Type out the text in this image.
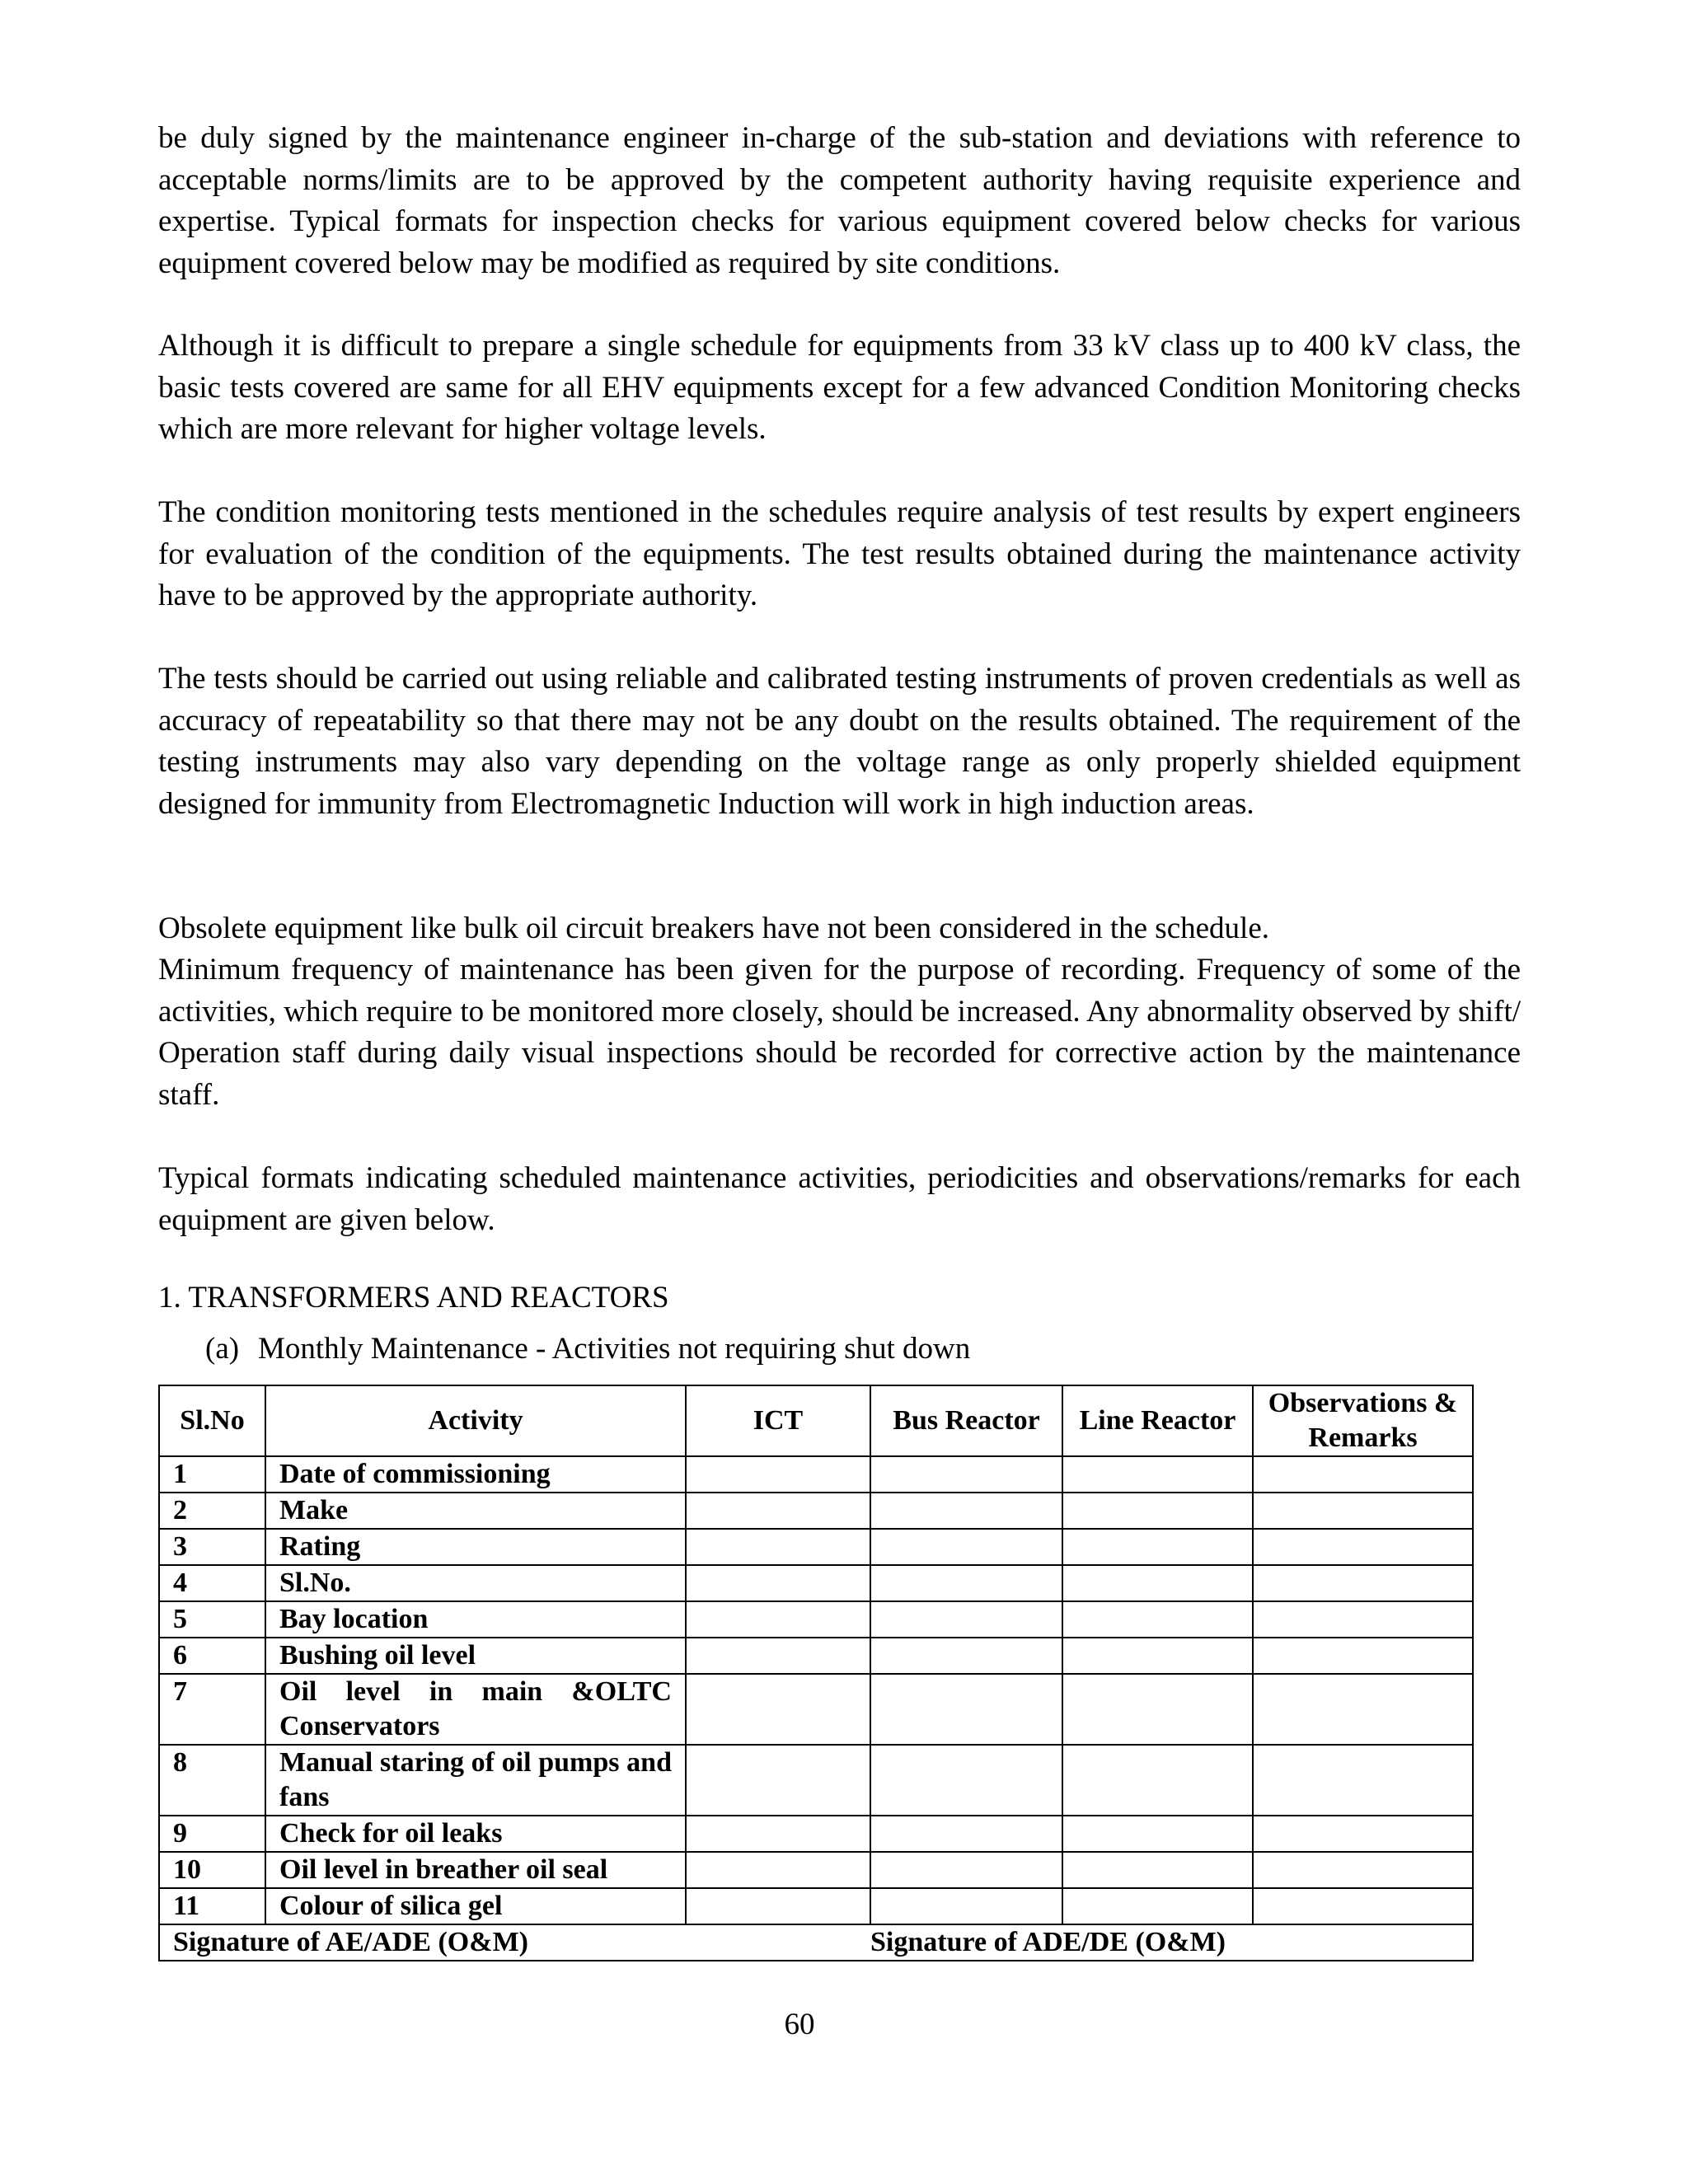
be duly signed by the maintenance engineer in-charge of the sub-station and deviations with reference to acceptable norms/limits are to be approved by the competent authority having requisite experience and expertise. Typical formats for inspection checks for various equipment covered below checks for various equipment covered below may be modified as required by site conditions.

Although it is difficult to prepare a single schedule for equipments from 33 kV class up to 400 kV class, the basic tests covered are same for all EHV equipments except for a few advanced Condition Monitoring checks which are more relevant for higher voltage levels.

The condition monitoring tests mentioned in the schedules require analysis of test results by expert engineers for evaluation of the condition of the equipments. The test results obtained during the maintenance activity have to be approved by the appropriate authority.

The tests should be carried out using reliable and calibrated testing instruments of proven credentials as well as accuracy of repeatability so that there may not be any doubt on the results obtained. The requirement of the testing instruments may also vary depending on the voltage range as only properly shielded equipment designed for immunity from Electromagnetic Induction will work in high induction areas.

Obsolete equipment like bulk oil circuit breakers have not been considered in the schedule.

Minimum frequency of maintenance has been given for the purpose of recording. Frequency of some of the activities, which require to be monitored more closely, should be increased. Any abnormality observed by shift/ Operation staff during daily visual inspections should be recorded for corrective action by the maintenance staff.

Typical formats indicating scheduled maintenance activities, periodicities and observations/remarks for each equipment are given below.

1. TRANSFORMERS AND REACTORS

(a) Monthly Maintenance - Activities not requiring shut down

Sl.No	Activity	ICT	Bus Reactor	Line Reactor	Observations & Remarks
1	Date of commissioning				
2	Make				
3	Rating				
4	Sl.No.				
5	Bay location				
6	Bushing oil level				
7	Oil level in main &OLTC Conservators				
8	Manual staring of oil pumps and fans				
9	Check for oil leaks				
10	Oil level in breather oil seal				
11	Colour of silica gel				
Signature of AE/ADE (O&M)			Signature of ADE/DE (O&M)		

60
